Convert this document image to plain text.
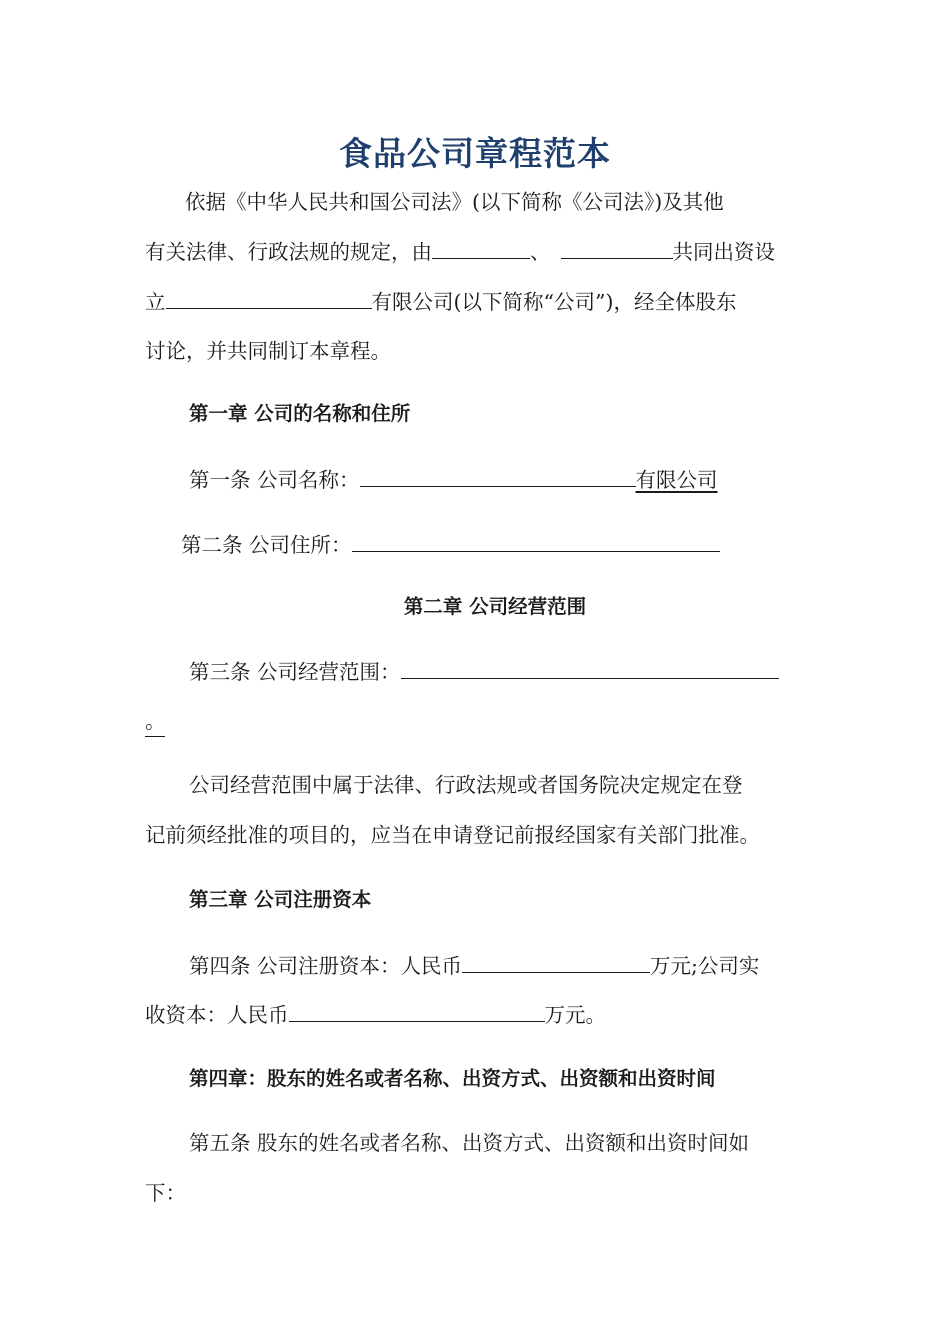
食品公司章程范本
依据《中华人民共和国公司法》(以下简称《公司法》)及其他
有关法律、行政法规的规定，由	、	共同出资设
立	有限公司(以下简称“公司”)，经全体股东
讨论，并共同制订本章程。
第一章 公司的名称和住所
第一条 公司名称：	有限公司
第二条 公司住所：
第二章 公司经营范围
第三条 公司经营范围：
。
公司经营范围中属于法律、行政法规或者国务院决定规定在登
记前须经批准的项目的，应当在申请登记前报经国家有关部门批准。
第三章 公司注册资本
第四条 公司注册资本：人民币	万元;公司实
收资本：人民币	万元。
第四章：股东的姓名或者名称、出资方式、出资额和出资时间
第五条 股东的姓名或者名称、出资方式、出资额和出资时间如
下：
